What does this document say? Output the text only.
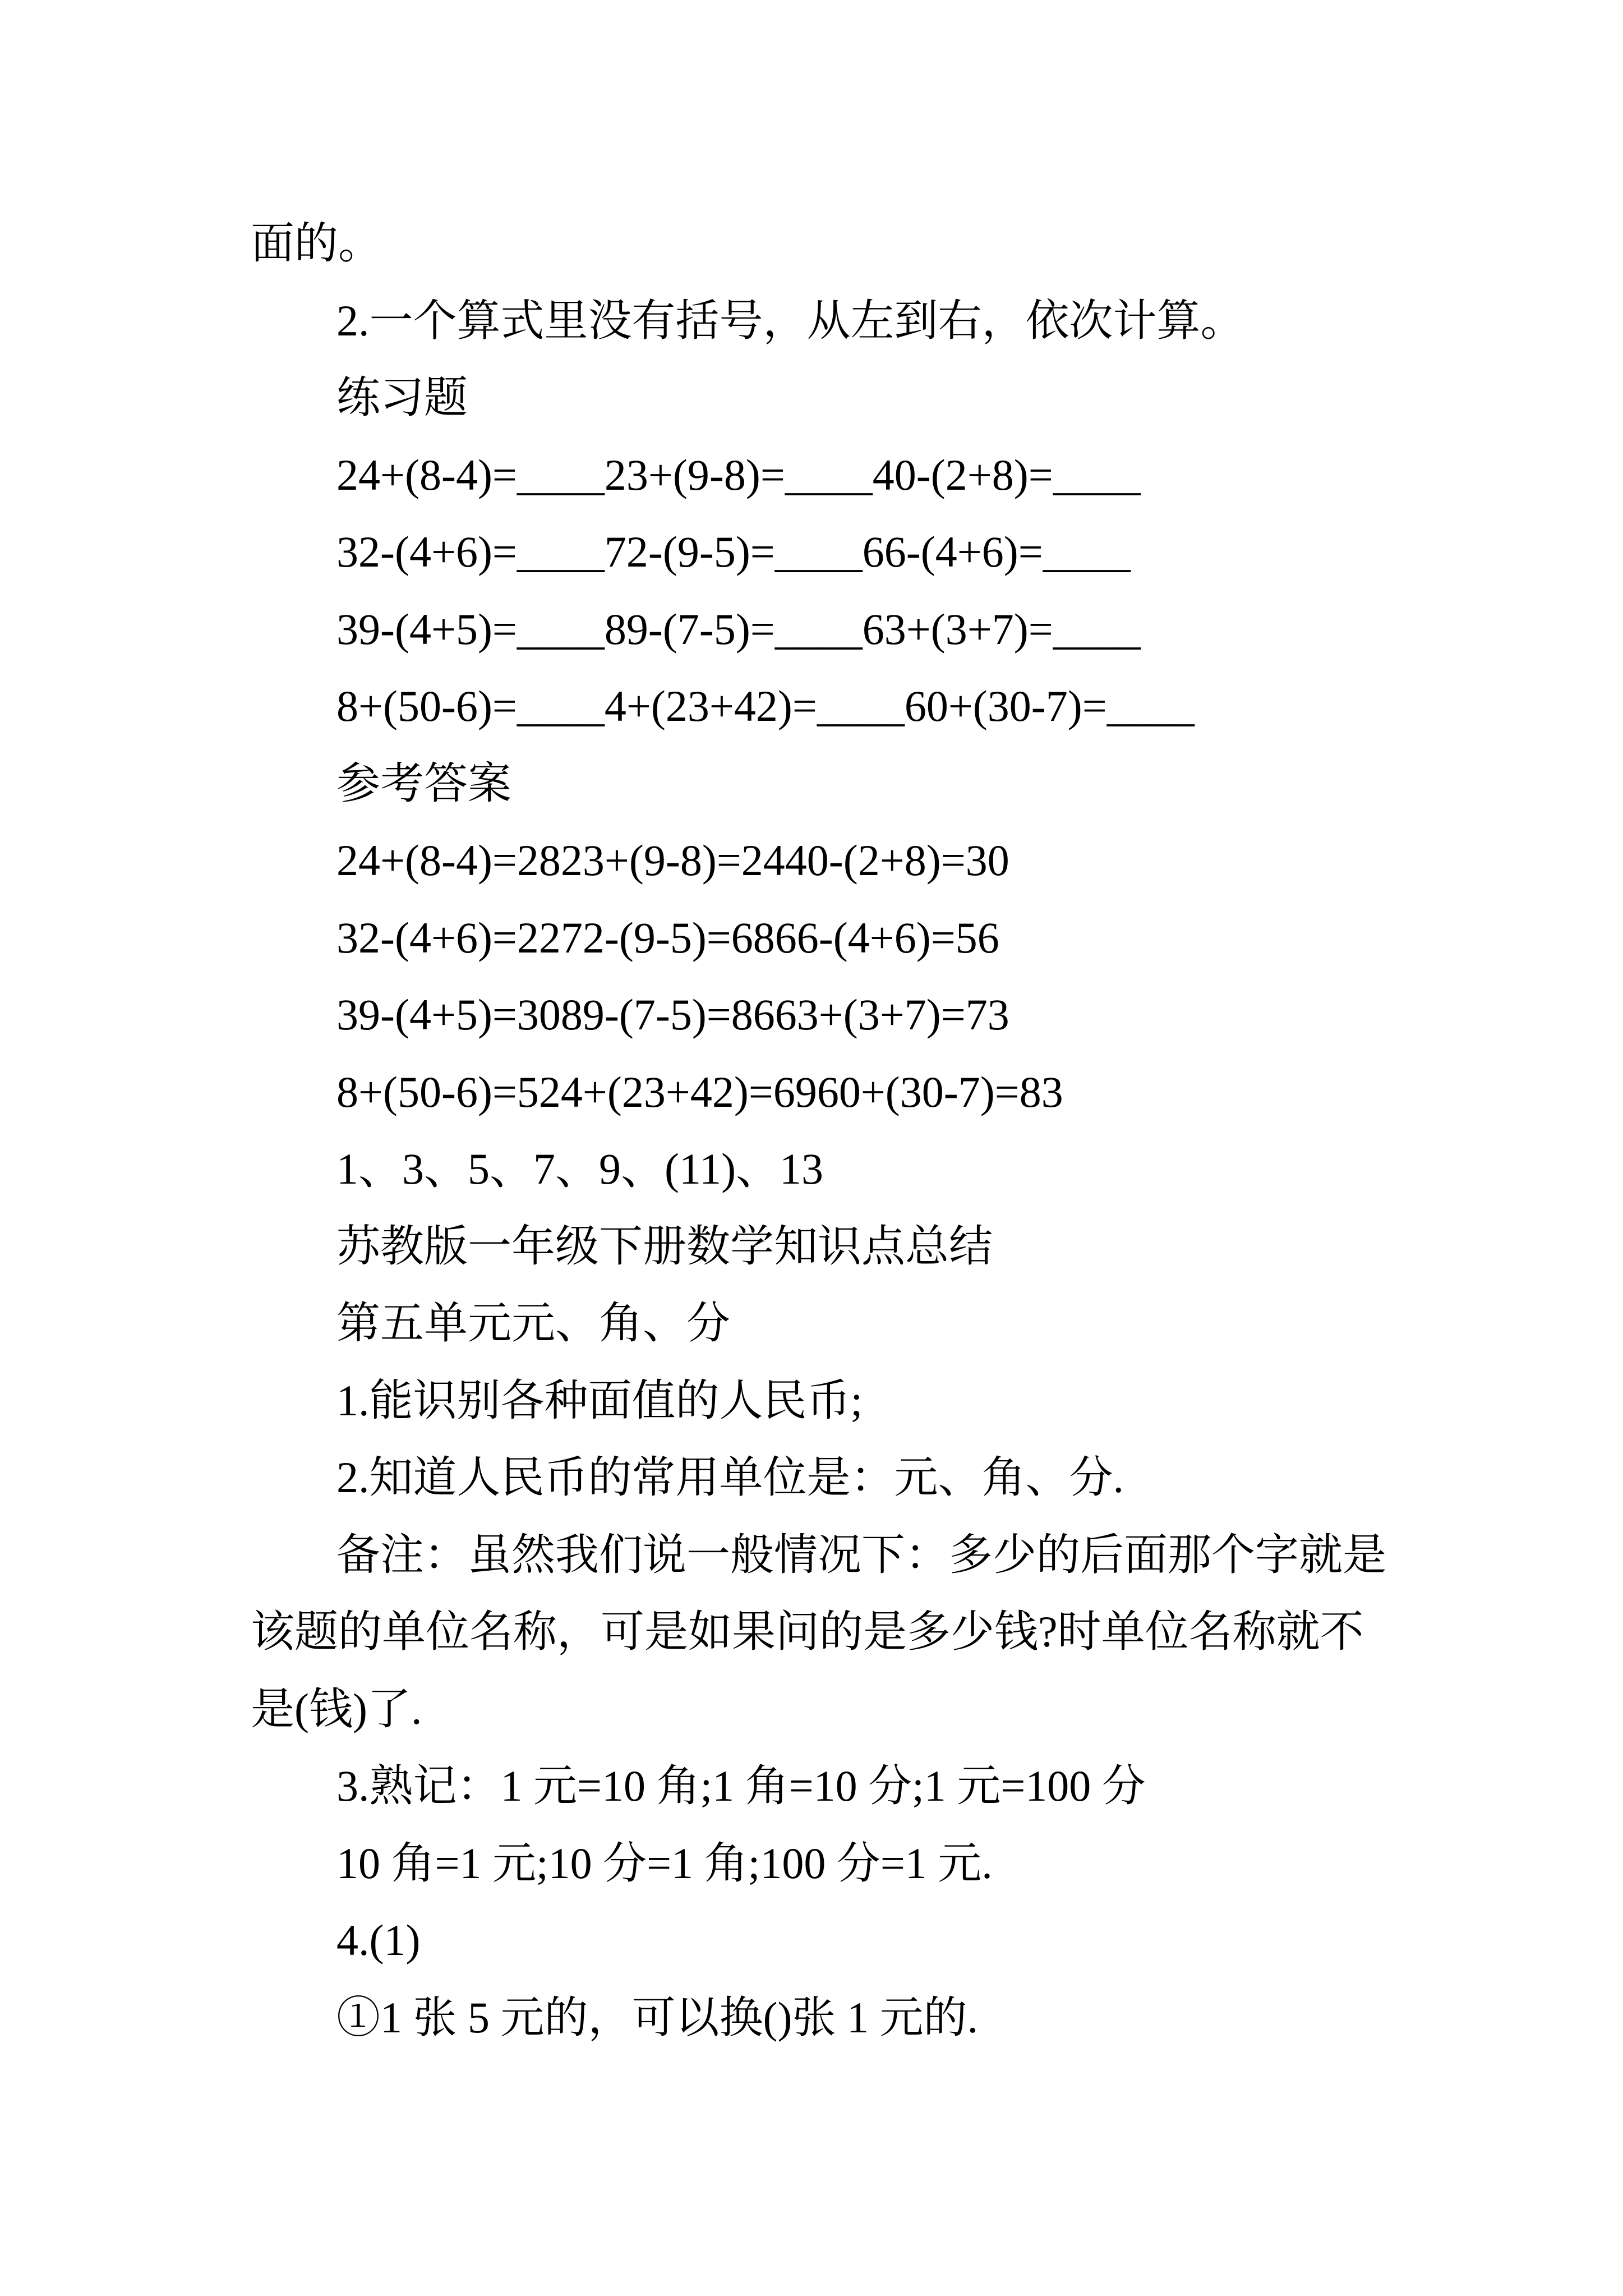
面的。

2.一个算式里没有括号，从左到右，依次计算。

练习题

24+(8-4)=____23+(9-8)=____40-(2+8)=____

32-(4+6)=____72-(9-5)=____66-(4+6)=____

39-(4+5)=____89-(7-5)=____63+(3+7)=____

8+(50-6)=____4+(23+42)=____60+(30-7)=____

参考答案

24+(8-4)=2823+(9-8)=2440-(2+8)=30

32-(4+6)=2272-(9-5)=6866-(4+6)=56

39-(4+5)=3089-(7-5)=8663+(3+7)=73

8+(50-6)=524+(23+42)=6960+(30-7)=83

1、3、5、7、9、(11)、13

苏教版一年级下册数学知识点总结

第五单元元、角、分

1.能识别各种面值的人民币;

2.知道人民币的常用单位是：元、角、分.

备注：虽然我们说一般情况下：多少的后面那个字就是

该题的单位名称，可是如果问的是多少钱?时单位名称就不

是(钱)了.

3.熟记：1 元=10 角;1 角=10 分;1 元=100 分

10 角=1 元;10 分=1 角;100 分=1 元.

4.(1)

①1 张 5 元的，可以换()张 1 元的.
